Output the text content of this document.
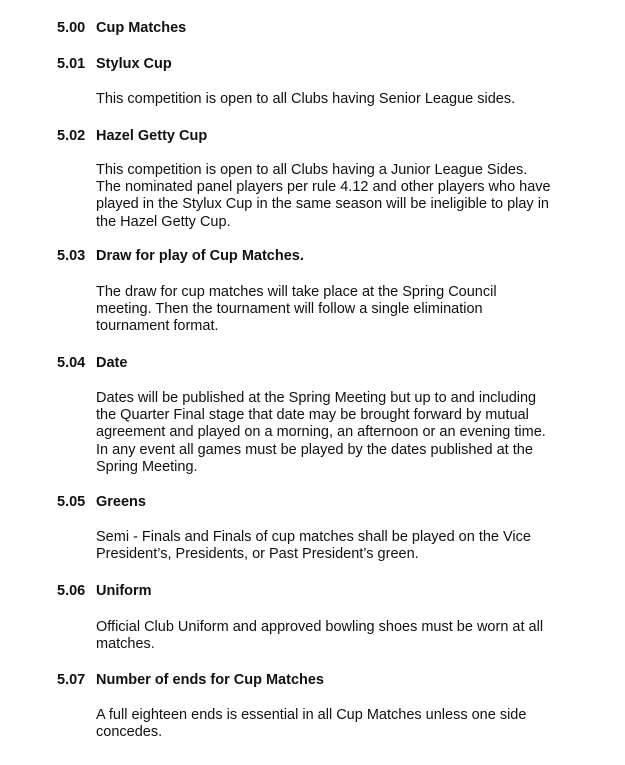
5.00 Cup Matches
5.01 Stylux Cup
This competition is open to all Clubs having Senior League sides.
5.02 Hazel Getty Cup
This competition is open to all Clubs having a Junior League Sides.
The nominated panel players per rule 4.12 and other players who have
played in the Stylux Cup in the same season will be ineligible to play in
the Hazel Getty Cup.
5.03 Draw for play of Cup Matches.
The draw for cup matches will take place at the Spring Council
meeting. Then the tournament will follow a single elimination
tournament format.
5.04 Date
Dates will be published at the Spring Meeting but up to and including
the Quarter Final stage that date may be brought forward by mutual
agreement and played on a morning, an afternoon or an evening time.
In any event all games must be played by the dates published at the
Spring Meeting.
5.05 Greens
Semi - Finals and Finals of cup matches shall be played on the Vice
President’s, Presidents, or Past President’s green.
5.06 Uniform
Official Club Uniform and approved bowling shoes must be worn at all
matches.
5.07 Number of ends for Cup Matches
A full eighteen ends is essential in all Cup Matches unless one side
concedes.
